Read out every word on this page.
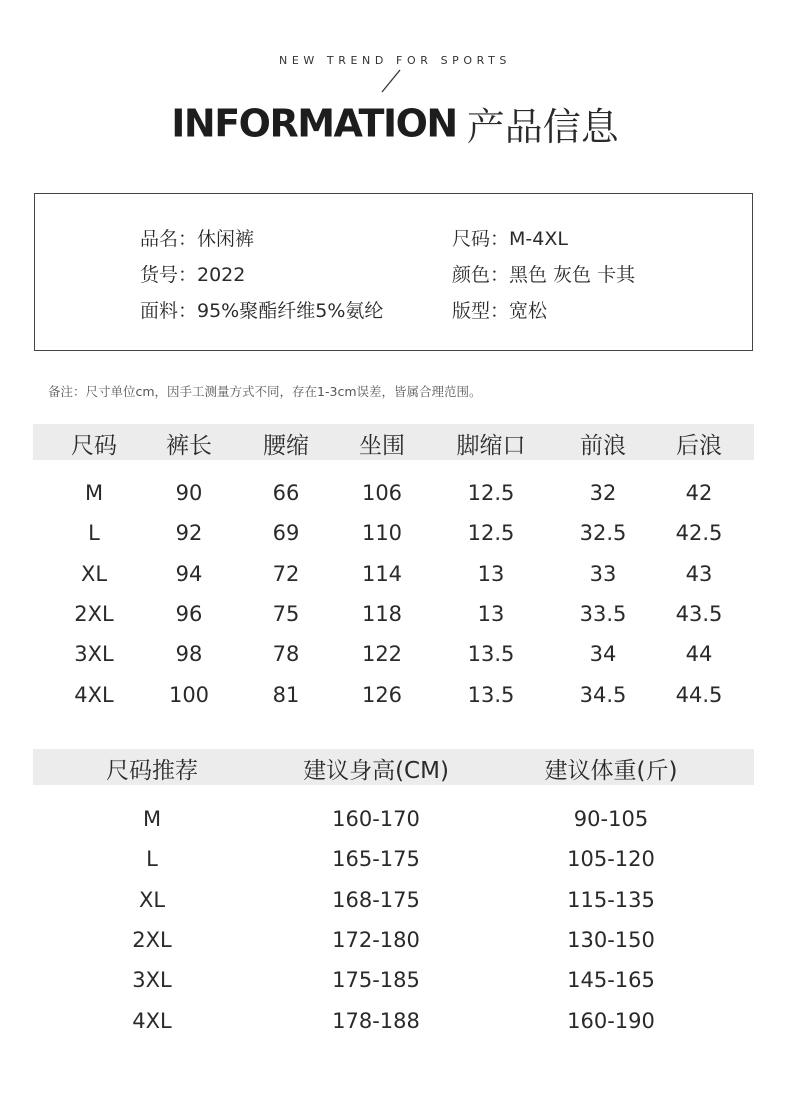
NEW TREND FOR SPORTS
INFORMATION 产品信息
品名：休闲裤	尺码：M-4XL
货号：2022	颜色：黑色 灰色 卡其
面料：95%聚酯纤维5%氨纶	版型：宽松
备注：尺寸单位cm，因手工测量方式不同，存在1-3cm误差，皆属合理范围。
尺码 裤长 腰缩 坐围 脚缩口 前浪 后浪
M	90	66	106	12.5	32	42
L	92	69	110	12.5	32.5 42.5
XL	94	72	114	13	33	43
2XL	96	75	118	13	33.5 43.5
3XL	98	78	122	13.5	34	44
4XL	100	81	126	13.5	34.5 44.5
尺码推荐	建议身高(CM)	建议体重(斤)
M	160-170	90-105
L	165-175	105-120
XL	168-175	115-135
2XL	172-180	130-150
3XL	175-185	145-165
4XL	178-188	160-190
